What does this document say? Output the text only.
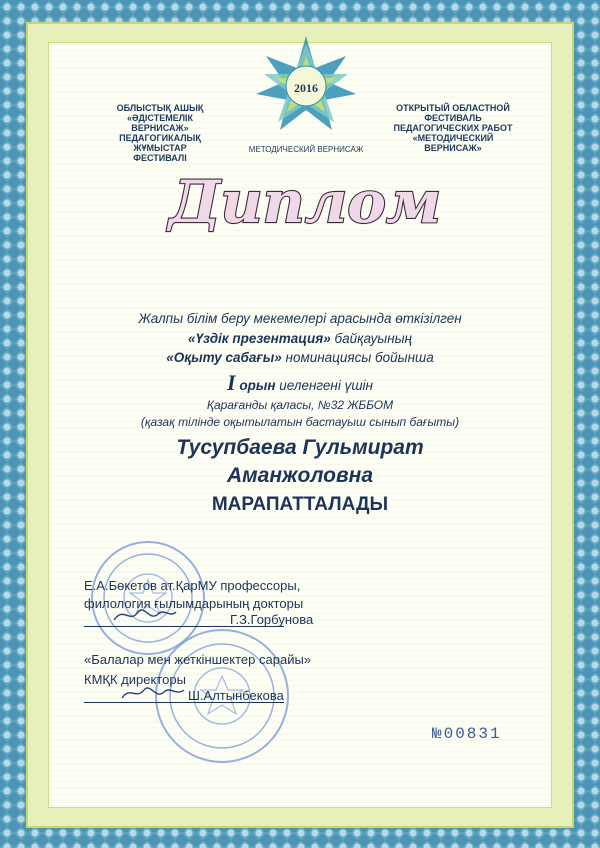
ОБЛЫСТЫҚ АШЫҚ

«ӘДІСТЕМЕЛІК ВЕРНИСАЖ»

ПЕДАГОГИКАЛЫҚ ЖҰМЫСТАР

ФЕСТИВАЛІ

2016
МЕТОДИЧЕСКИЙ ВЕРНИСАЖ

ОТКРЫТЫЙ ОБЛАСТНОЙ

ФЕСТИВАЛЬ

ПЕДАГОГИЧЕСКИХ РАБОТ

«МЕТОДИЧЕСКИЙ ВЕРНИСАЖ»

Диплом
Жалпы білім беру мекемелері арасында өткізілген
«Үздік презентация» байқауының
«Оқыту сабағы» номинациясы бойынша
I орын иеленгені үшін
Қарағанды қаласы, №32 ЖББОМ
(қазақ тілінде оқытылатын бастауыш сынып бағыты)
Тусупбаева Гульмират
Аманжоловна
МАРАПАТТАЛАДЫ
Е.А.Бөкетов ат.ҚарМУ профессоры,
филология ғылымдарының докторы
Г.З.Горбунова
«Балалар мен жеткіншектер сарайы»
КМҚК директоры
Ш.Алтынбекова
№00831
